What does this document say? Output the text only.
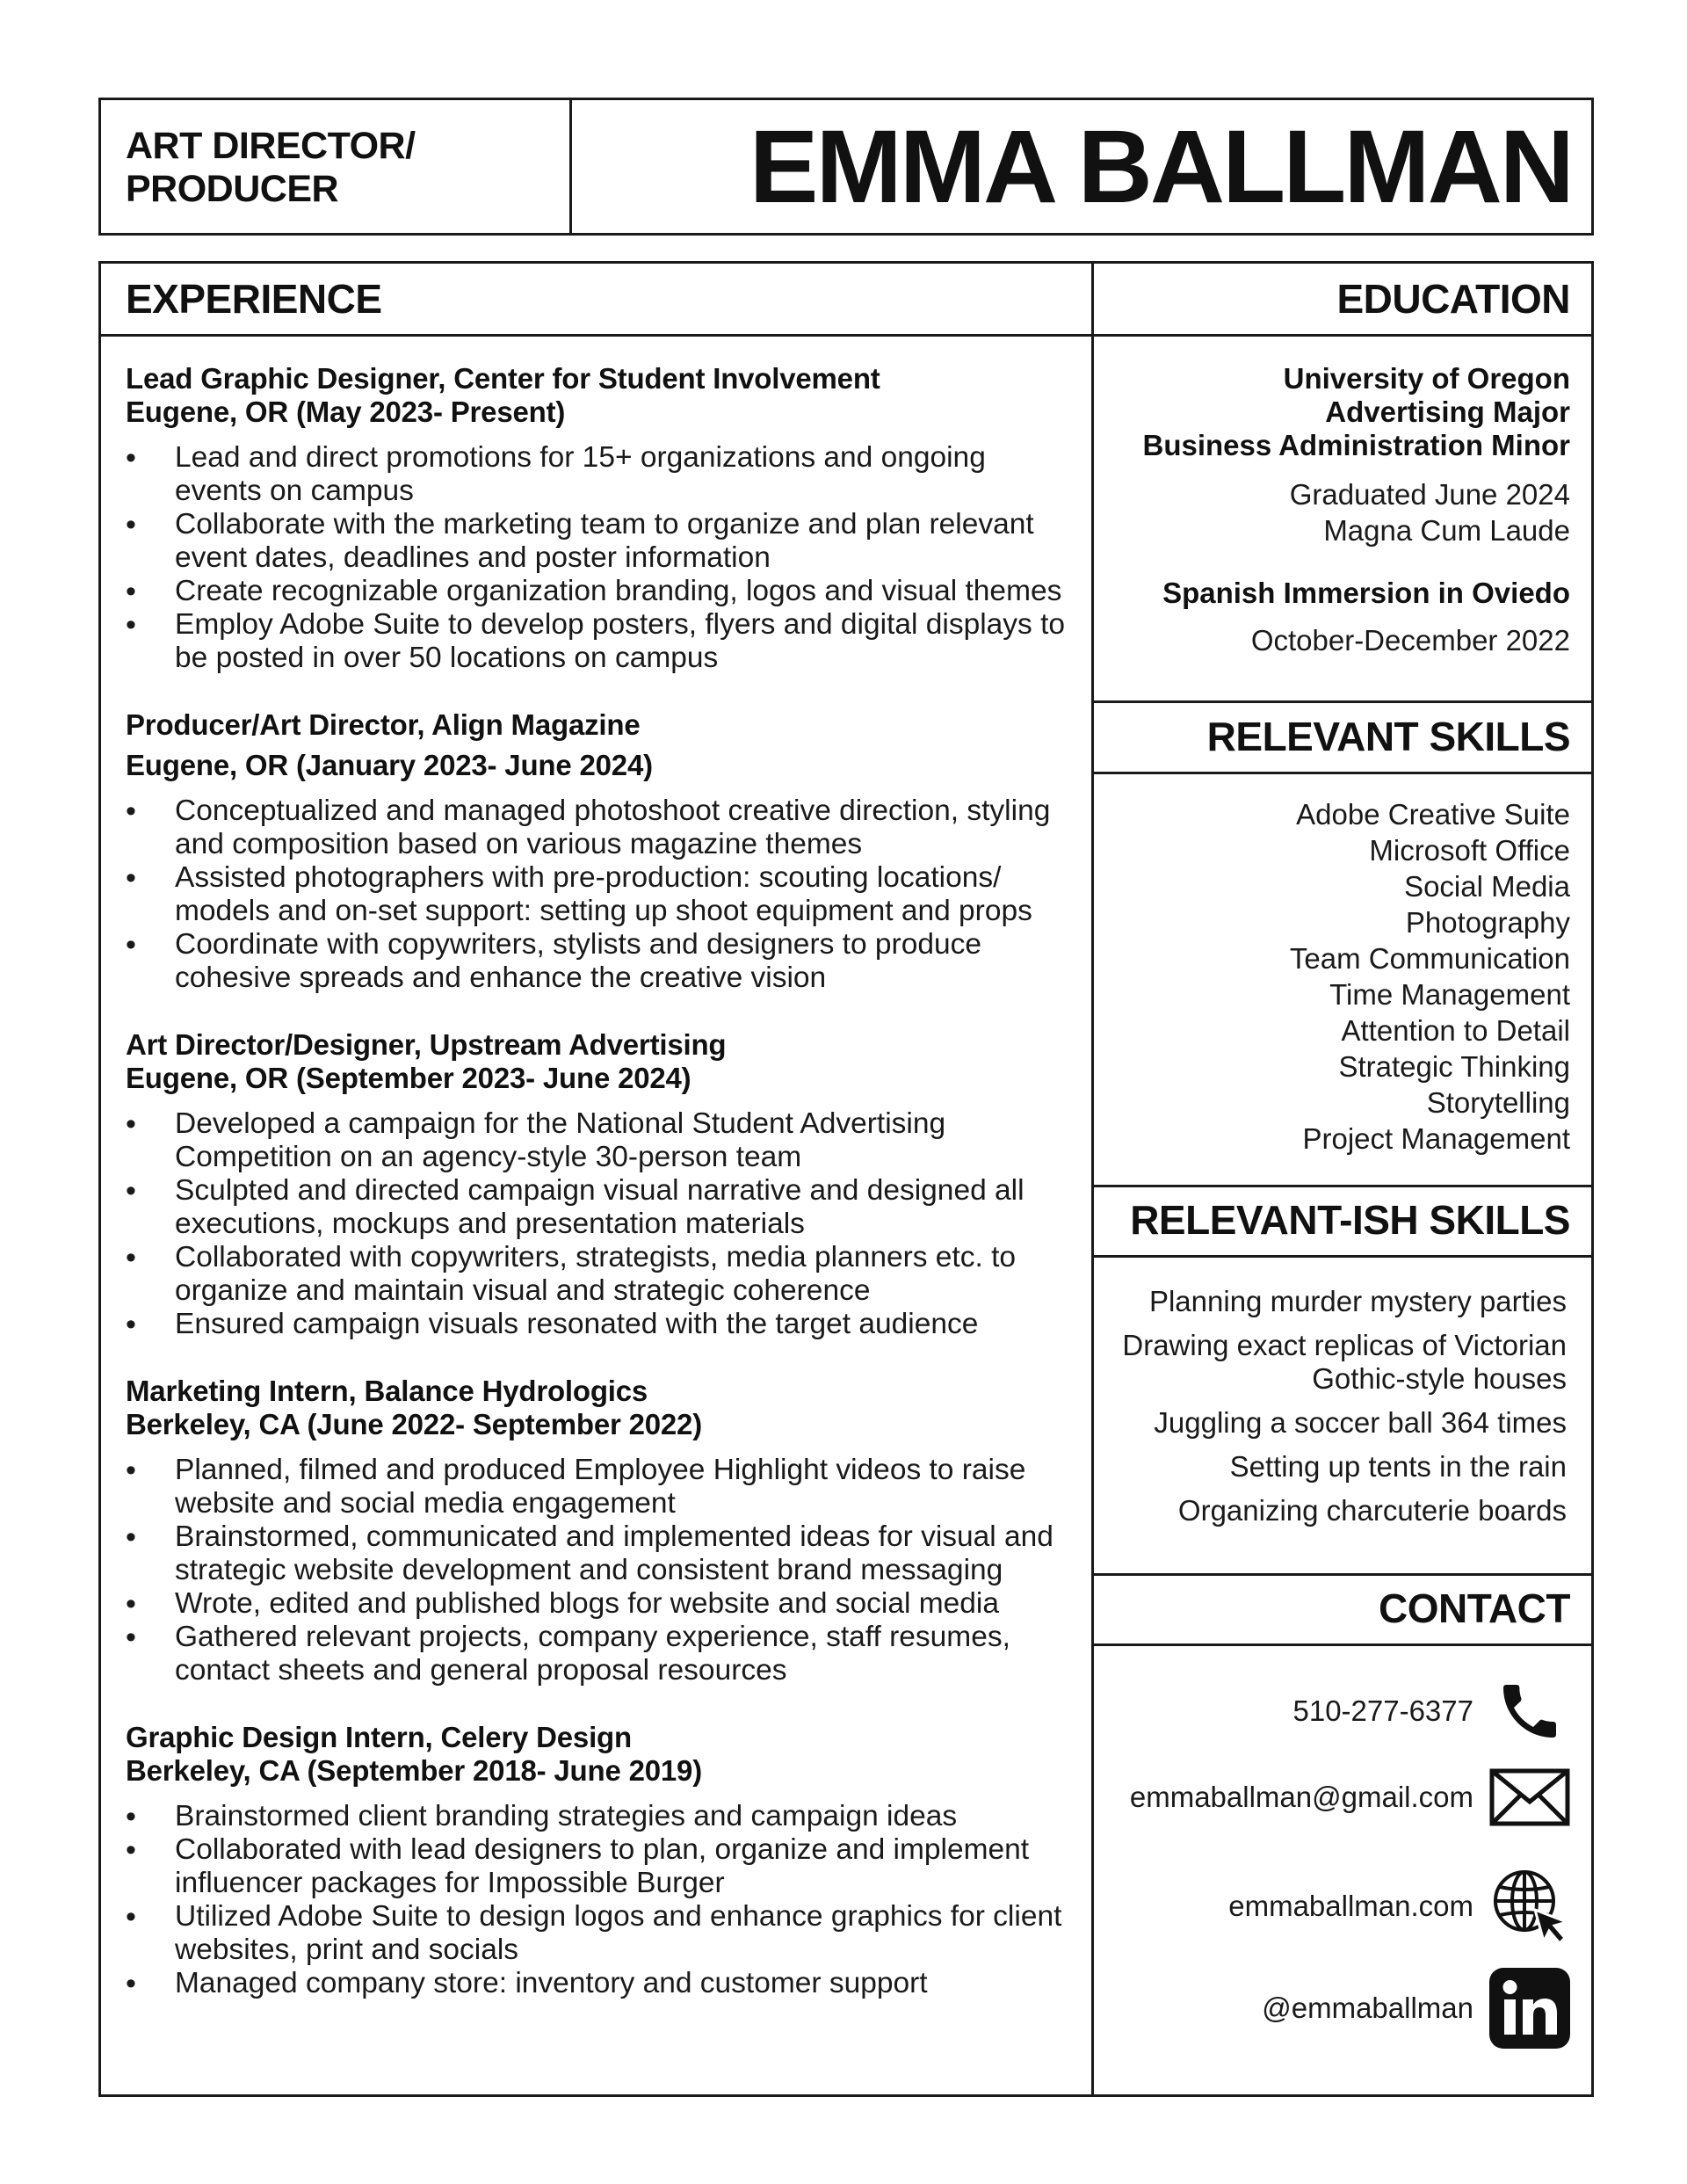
ART DIRECTOR/ PRODUCER	EMMA BALLMAN
EXPERIENCE
Lead Graphic Designer, Center for Student Involvement
Eugene, OR (May 2023- Present)
• Lead and direct promotions for 15+ organizations and ongoing events on campus
• Collaborate with the marketing team to organize and plan relevant event dates, deadlines and poster information
• Create recognizable organization branding, logos and visual themes
• Employ Adobe Suite to develop posters, flyers and digital displays to be posted in over 50 locations on campus
Producer/Art Director, Align Magazine
Eugene, OR (January 2023- June 2024)
• Conceptualized and managed photoshoot creative direction, styling and composition based on various magazine themes
• Assisted photographers with pre-production: scouting locations/ models and on-set support: setting up shoot equipment and props
• Coordinate with copywriters, stylists and designers to produce cohesive spreads and enhance the creative vision
Art Director/Designer, Upstream Advertising
Eugene, OR (September 2023- June 2024)
• Developed a campaign for the National Student Advertising Competition on an agency-style 30-person team
• Sculpted and directed campaign visual narrative and designed all executions, mockups and presentation materials
• Collaborated with copywriters, strategists, media planners etc. to organize and maintain visual and strategic coherence
• Ensured campaign visuals resonated with the target audience
Marketing Intern, Balance Hydrologics
Berkeley, CA (June 2022- September 2022)
• Planned, filmed and produced Employee Highlight videos to raise website and social media engagement
• Brainstormed, communicated and implemented ideas for visual and strategic website development and consistent brand messaging
• Wrote, edited and published blogs for website and social media
• Gathered relevant projects, company experience, staff resumes, contact sheets and general proposal resources
Graphic Design Intern, Celery Design
Berkeley, CA (September 2018- June 2019)
• Brainstormed client branding strategies and campaign ideas
• Collaborated with lead designers to plan, organize and implement influencer packages for Impossible Burger
• Utilized Adobe Suite to design logos and enhance graphics for client websites, print and socials
• Managed company store: inventory and customer support
EDUCATION
University of Oregon
Advertising Major
Business Administration Minor
Graduated June 2024
Magna Cum Laude
Spanish Immersion in Oviedo
October-December 2022
RELEVANT SKILLS
Adobe Creative Suite
Microsoft Office
Social Media
Photography
Team Communication
Time Management
Attention to Detail
Strategic Thinking
Storytelling
Project Management
RELEVANT-ISH SKILLS
Planning murder mystery parties
Drawing exact replicas of Victorian Gothic-style houses
Juggling a soccer ball 364 times
Setting up tents in the rain
Organizing charcuterie boards
CONTACT
510-277-6377
emmaballman@gmail.com
emmaballman.com
@emmaballman
